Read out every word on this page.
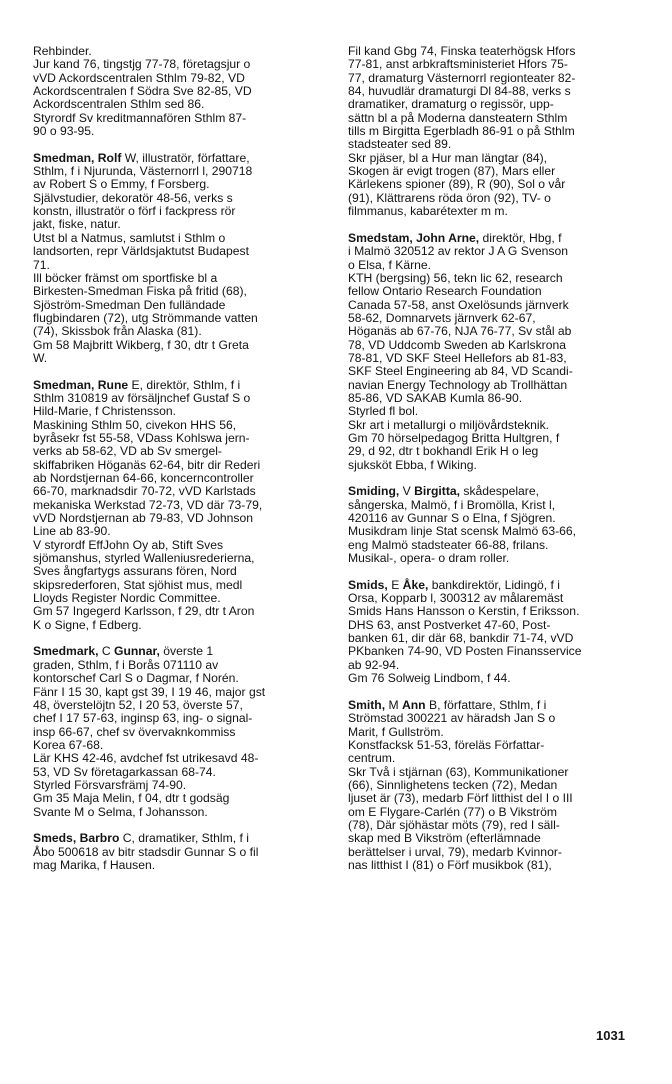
Rehbinder.
Jur kand 76, tingstjg 77-78, företagsjur o
vVD Ackordscentralen Sthlm 79-82, VD
Ackordscentralen f Södra Sve 82-85, VD
Ackordscentralen Sthlm sed 86.
Styrordf Sv kreditmannafören Sthlm 87-
90 o 93-95.
Smedman, Rolf W, illustratör, författare,
Sthlm, f i Njurunda, Västernorrl l, 290718
av Robert S o Emmy, f Forsberg.
Självstudier, dekoratör 48-56, verks s
konstn, illustratör o förf i fackpress rör
jakt, fiske, natur.
Utst bl a Natmus, samlutst i Sthlm o
landsorten, repr Världsjaktutst Budapest
71.
Ill böcker främst om sportfiske bl a
Birkesten-Smedman Fiska på fritid (68),
Sjöström-Smedman Den fulländade
flugbindaren (72), utg Strömmande vatten
(74), Skissbok från Alaska (81).
Gm 58 Majbritt Wikberg, f 30, dtr t Greta
W.
Smedman, Rune E, direktör, Sthlm, f i
Sthlm 310819 av försäljnchef Gustaf S o
Hild-Marie, f Christensson.
Maskining Sthlm 50, civekon HHS 56,
byråsekr fst 55-58, VDass Kohlswa jern-
verks ab 58-62, VD ab Sv smergel-
skiffabriken Höganäs 62-64, bitr dir Rederi
ab Nordstjernan 64-66, koncerncontroller
66-70, marknadsdir 70-72, vVD Karlstads
mekaniska Werkstad 72-73, VD där 73-79,
vVD Nordstjernan ab 79-83, VD Johnson
Line ab 83-90.
V styrordf EffJohn Oy ab, Stift Sves
sjömanshus, styrled Walleniusrederierna,
Sves ångfartygs assurans fören, Nord
skipsrederforen, Stat sjöhist mus, medl
Lloyds Register Nordic Committee.
Gm 57 Ingegerd Karlsson, f 29, dtr t Aron
K o Signe, f Edberg.
Smedmark, C Gunnar, överste 1
graden, Sthlm, f i Borås 071110 av
kontorschef Carl S o Dagmar, f Norén.
Fänr I 15 30, kapt gst 39, I 19 46, major gst
48, överstelöjtn 52, I 20 53, överste 57,
chef I 17 57-63, inginsp 63, ing- o signal-
insp 66-67, chef sv övervaknkommiss
Korea 67-68.
Lär KHS 42-46, avdchef fst utrikesavd 48-
53, VD Sv företagarkassan 68-74.
Styrled Försvarsfrämj 74-90.
Gm 35 Maja Melin, f 04, dtr t godsäg
Svante M o Selma, f Johansson.
Smeds, Barbro C, dramatiker, Sthlm, f i
Åbo 500618 av bitr stadsdir Gunnar S o fil
mag Marika, f Hausen.
Fil kand Gbg 74, Finska teaterhögsk Hfors
77-81, anst arbkraftsministeriet Hfors 75-
77, dramaturg Västernorrl regionteater 82-
84, huvudlär dramaturgi Dl 84-88, verks s
dramatiker, dramaturg o regissör, upp-
sättn bl a på Moderna dansteatern Sthlm
tills m Birgitta Egerbladh 86-91 o på Sthlm
stadsteater sed 89.
Skr pjäser, bl a Hur man längtar (84),
Skogen är evigt trogen (87), Mars eller
Kärlekens spioner (89), R (90), Sol o vår
(91), Klättrarens röda öron (92), TV- o
filmmanus, kabarétexter m m.
Smedstam, John Arne, direktör, Hbg, f
i Malmö 320512 av rektor J A G Svenson
o Elsa, f Kärne.
KTH (bergsing) 56, tekn lic 62, research
fellow Ontario Research Foundation
Canada 57-58, anst Oxelösunds järnverk
58-62, Domnarvets järnverk 62-67,
Höganäs ab 67-76, NJA 76-77, Sv stål ab
78, VD Uddcomb Sweden ab Karlskrona
78-81, VD SKF Steel Hellefors ab 81-83,
SKF Steel Engineering ab 84, VD Scandi-
navian Energy Technology ab Trollhättan
85-86, VD SAKAB Kumla 86-90.
Styrled fl bol.
Skr art i metallurgi o miljövårdsteknik.
Gm 70 hörselpedagog Britta Hultgren, f
29, d 92, dtr t bokhandl Erik H o leg
sjuksköt Ebba, f Wiking.
Smiding, V Birgitta, skådespelare,
sångerska, Malmö, f i Bromölla, Krist l,
420116 av Gunnar S o Elna, f Sjögren.
Musikdram linje Stat scensk Malmö 63-66,
eng Malmö stadsteater 66-88, frilans.
Musikal-, opera- o dram roller.
Smids, E Åke, bankdirektör, Lidingö, f i
Orsa, Kopparb l, 300312 av målaremäst
Smids Hans Hansson o Kerstin, f Eriksson.
DHS 63, anst Postverket 47-60, Post-
banken 61, dir där 68, bankdir 71-74, vVD
PKbanken 74-90, VD Posten Finansservice
ab 92-94.
Gm 76 Solweig Lindbom, f 44.
Smith, M Ann B, författare, Sthlm, f i
Strömstad 300221 av häradsh Jan S o
Marit, f Gullström.
Konstfacksk 51-53, föreläs Författar-
centrum.
Skr Två i stjärnan (63), Kommunikationer
(66), Sinnlighetens tecken (72), Medan
ljuset är (73), medarb Förf litthist del I o III
om E Flygare-Carlén (77) o B Vikström
(78), Där sjöhästar möts (79), red I säll-
skap med B Vikström (efterlämnade
berättelser i urval, 79), medarb Kvinnor-
nas litthist I (81) o Förf musikbok (81),
1031
